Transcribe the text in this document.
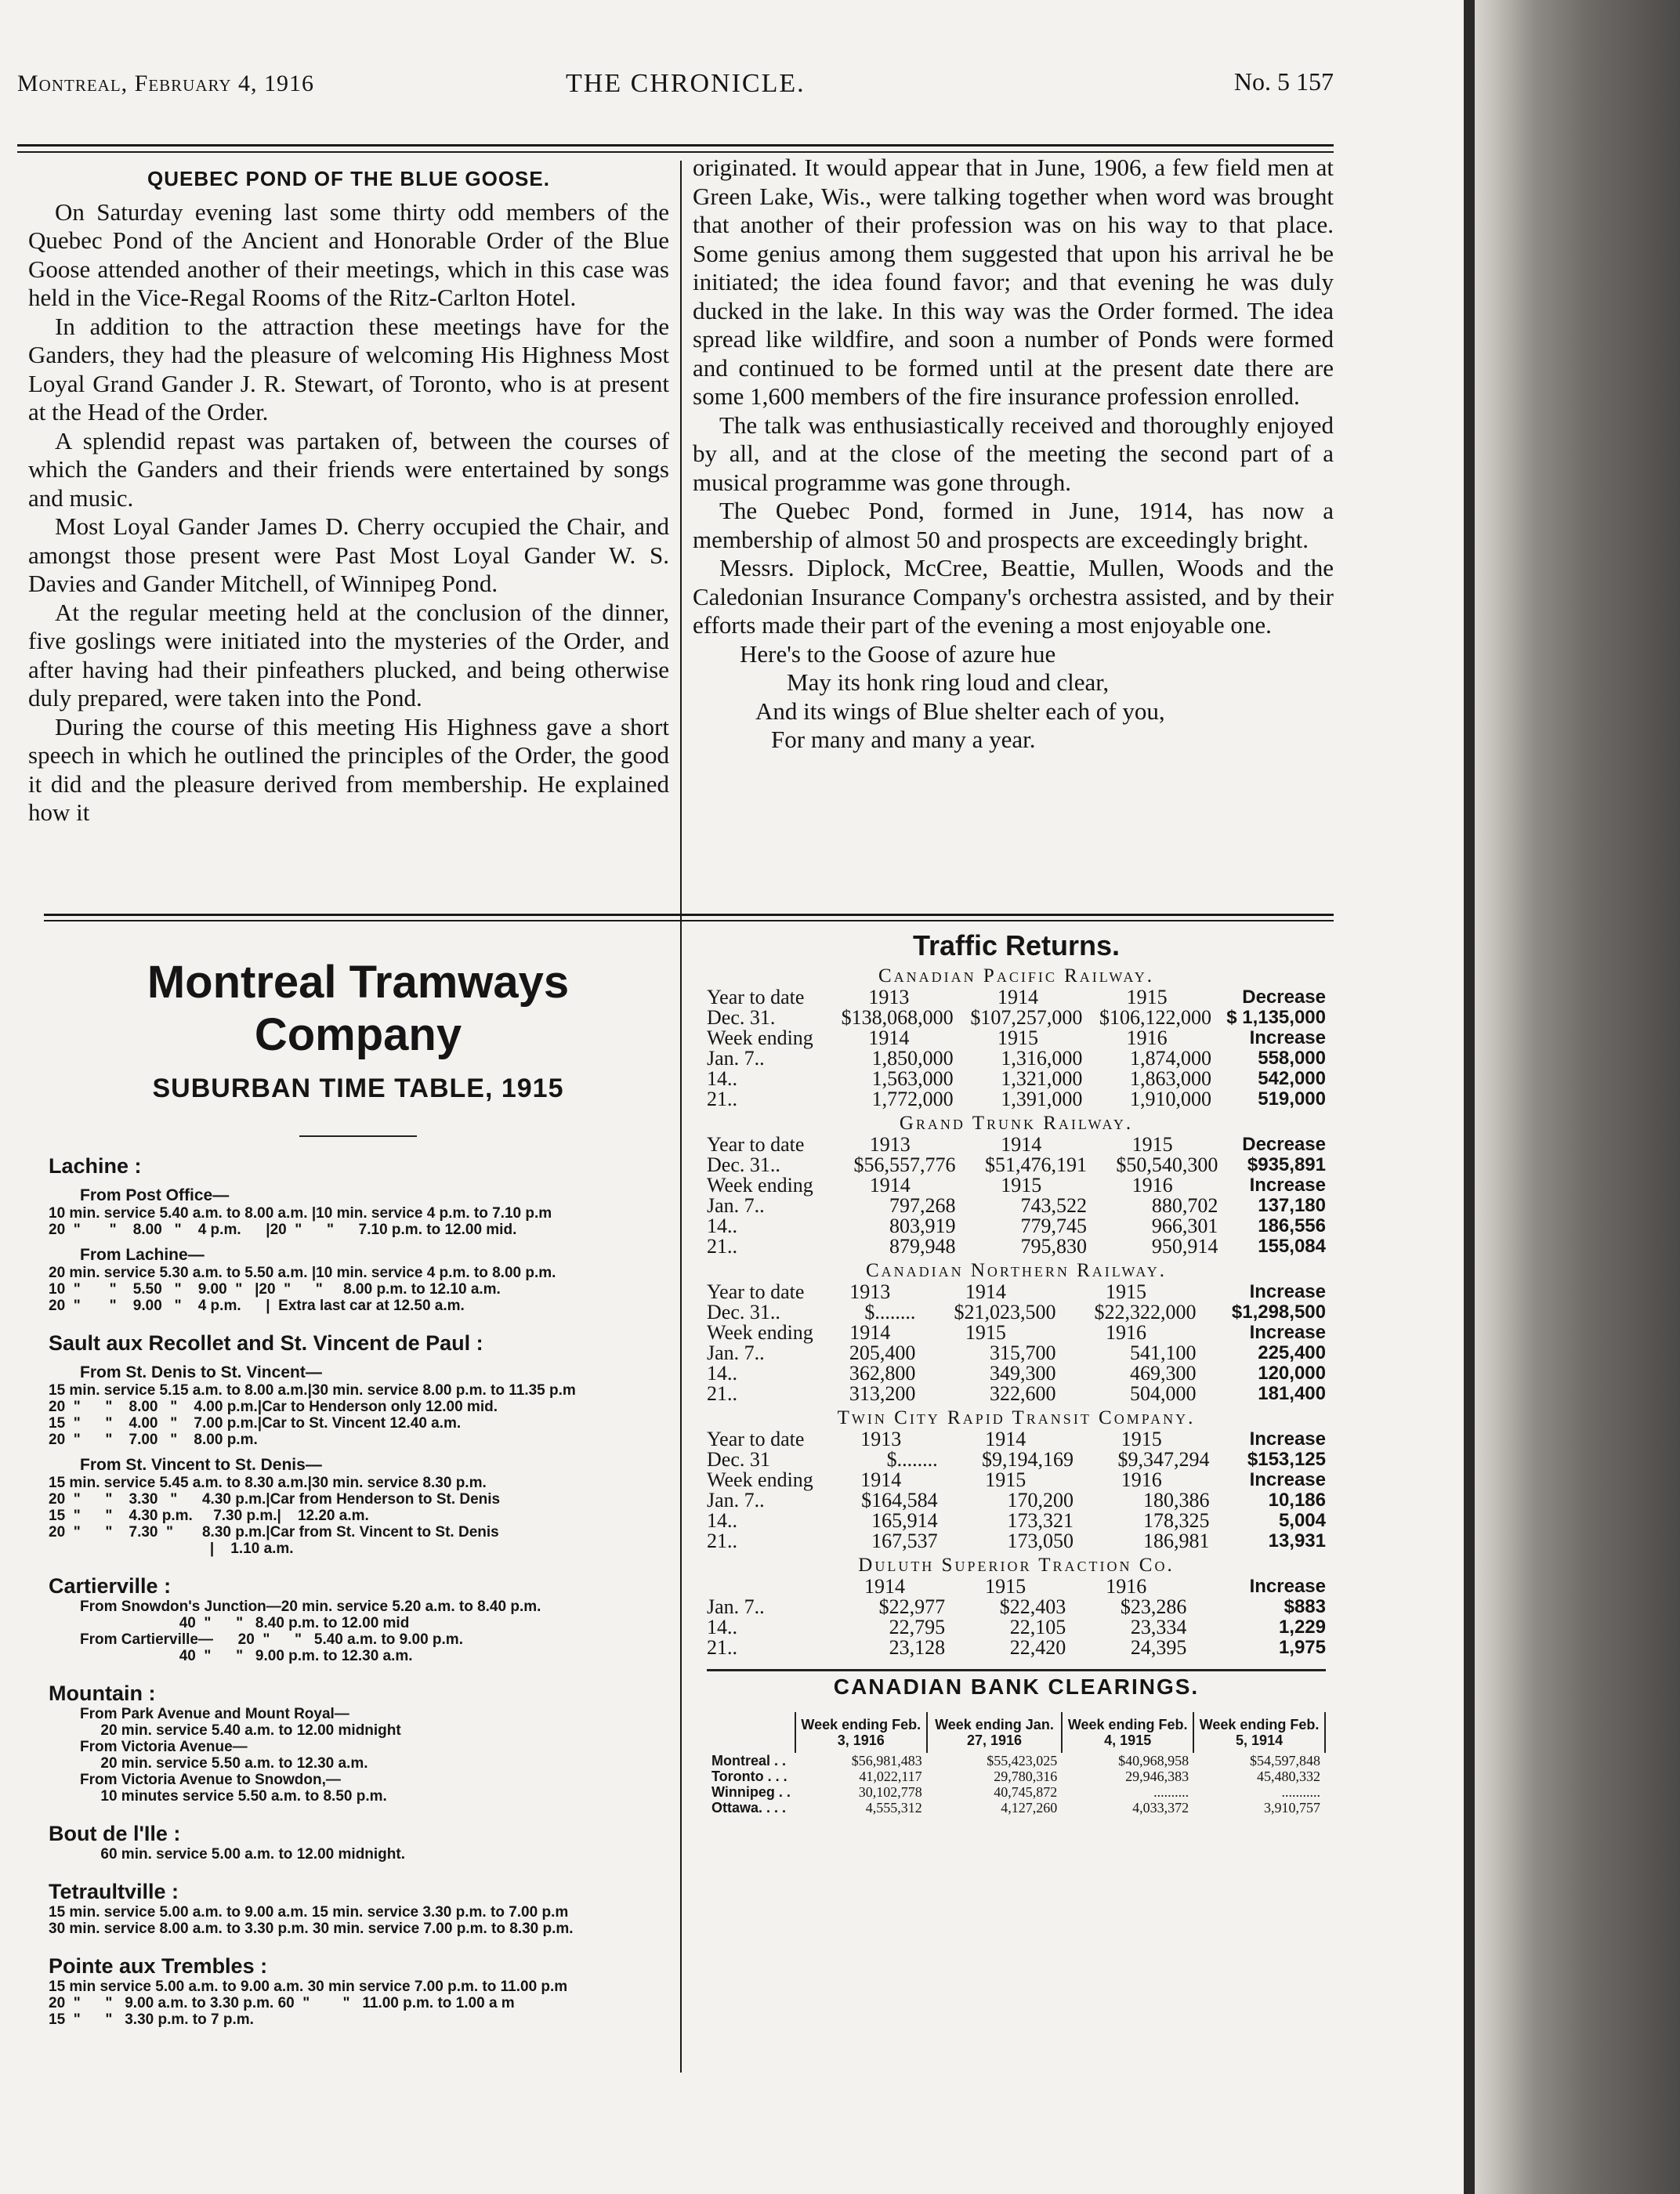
Montreal, February 4, 1916	THE CHRONICLE.	No. 5 157
QUEBEC POND OF THE BLUE GOOSE.

On Saturday evening last some thirty odd members of the Quebec Pond of the Ancient and Honorable Order of the Blue Goose attended another of their meetings, which in this case was held in the Vice-Regal Rooms of the Ritz-Carlton Hotel.

In addition to the attraction these meetings have for the Ganders, they had the pleasure of welcoming His Highness Most Loyal Grand Gander J. R. Stewart, of Toronto, who is at present at the Head of the Order.

A splendid repast was partaken of, between the courses of which the Ganders and their friends were entertained by songs and music.

Most Loyal Gander James D. Cherry occupied the Chair, and amongst those present were Past Most Loyal Gander W. S. Davies and Gander Mitchell, of Winnipeg Pond.

At the regular meeting held at the conclusion of the dinner, five goslings were initiated into the mysteries of the Order, and after having had their pinfeathers plucked, and being otherwise duly prepared, were taken into the Pond.

During the course of this meeting His Highness gave a short speech in which he outlined the principles of the Order, the good it did and the pleasure derived from membership. He explained how it

originated. It would appear that in June, 1906, a few field men at Green Lake, Wis., were talking together when word was brought that another of their profession was on his way to that place. Some genius among them suggested that upon his arrival he be initiated; the idea found favor; and that evening he was duly ducked in the lake. In this way was the Order formed. The idea spread like wildfire, and soon a number of Ponds were formed and continued to be formed until at the present date there are some 1,600 members of the fire insurance profession enrolled.

The talk was enthusiastically received and thoroughly enjoyed by all, and at the close of the meeting the second part of a musical programme was gone through.

The Quebec Pond, formed in June, 1914, has now a membership of almost 50 and prospects are exceedingly bright.

Messrs. Diplock, McCree, Beattie, Mullen, Woods and the Caledonian Insurance Company's orchestra assisted, and by their efforts made their part of the evening a most enjoyable one.

Here's to the Goose of azure hue

May its honk ring loud and clear,

And its wings of Blue shelter each of you,

For many and many a year.

Montreal Tramways Company
SUBURBAN TIME TABLE, 1915
Lachine :
From Post Office—
10 min. service 5.40 a.m. to 8.00 a.m. |10 min. service 4 p.m. to 7.10 p.m
20  "       "    8.00   "    4 p.m.      |20  "      "      7.10 p.m. to 12.00 mid.
From Lachine—
20 min. service 5.30 a.m. to 5.50 a.m. |10 min. service 4 p.m. to 8.00 p.m.
10  "       "    5.50   "    9.00  "   |20  "      "     8.00 p.m. to 12.10 a.m.
20  "       "    9.00   "    4 p.m.      |  Extra last car at 12.50 a.m.
Sault aux Recollet and St. Vincent de Paul :
From St. Denis to St. Vincent—
15 min. service 5.15 a.m. to 8.00 a.m.|30 min. service 8.00 p.m. to 11.35 p.m
20  "      "    8.00   "    4.00 p.m.|Car to Henderson only 12.00 mid.
15  "      "    4.00   "    7.00 p.m.|Car to St. Vincent 12.40 a.m.
20  "      "    7.00   "    8.00 p.m.
From St. Vincent to St. Denis—
15 min. service 5.45 a.m. to 8.30 a.m.|30 min. service 8.30 p.m.
20  "      "    3.30   "      4.30 p.m.|Car from Henderson to St. Denis
15  "      "    4.30 p.m.     7.30 p.m.|    12.20 a.m.
20  "      "    7.30  "       8.30 p.m.|Car from St. Vincent to St. Denis
|    1.10 a.m.
Cartierville :
From Snowdon's Junction—20 min. service 5.20 a.m. to 8.40 p.m.
40  "      "   8.40 p.m. to 12.00 mid
From Cartierville—      20  "      "   5.40 a.m. to 9.00 p.m.
40  "      "   9.00 p.m. to 12.30 a.m.
Mountain :
From Park Avenue and Mount Royal—
20 min. service 5.40 a.m. to 12.00 midnight
From Victoria Avenue—
20 min. service 5.50 a.m. to 12.30 a.m.
From Victoria Avenue to Snowdon,—
10 minutes service 5.50 a.m. to 8.50 p.m.
Bout de l'Ile :
60 min. service 5.00 a.m. to 12.00 midnight.
Tetraultville :
15 min. service 5.00 a.m. to 9.00 a.m. 15 min. service 3.30 p.m. to 7.00 p.m
30 min. service 8.00 a.m. to 3.30 p.m. 30 min. service 7.00 p.m. to 8.30 p.m.
Pointe aux Trembles :
15 min service 5.00 a.m. to 9.00 a.m. 30 min service 7.00 p.m. to 11.00 p.m
20  "      "   9.00 a.m. to 3.30 p.m. 60  "        "   11.00 p.m. to 1.00 a m
15  "      "   3.30 p.m. to 7 p.m.
Traffic Returns.
Canadian Pacific Railway.
Year to date	1913	1914	1915	Decrease
Dec. 31.	$138,068,000	$107,257,000	$106,122,000	$ 1,135,000
Week ending	1914	1915	1916	Increase
Jan. 7..	1,850,000	1,316,000	1,874,000	558,000
14..	1,563,000	1,321,000	1,863,000	542,000
21..	1,772,000	1,391,000	1,910,000	519,000
Grand Trunk Railway.
Year to date	1913	1914	1915	Decrease
Dec. 31..	$56,557,776	$51,476,191	$50,540,300	$935,891
Week ending	1914	1915	1916	Increase
Jan. 7..	797,268	743,522	880,702	137,180
14..	803,919	779,745	966,301	186,556
21..	879,948	795,830	950,914	155,084
Canadian Northern Railway.
Year to date	1913	1914	1915	Increase
Dec. 31..	$........	$21,023,500	$22,322,000	$1,298,500
Week ending	1914	1915	1916	Increase
Jan. 7..	205,400	315,700	541,100	225,400
14..	362,800	349,300	469,300	120,000
21..	313,200	322,600	504,000	181,400
Twin City Rapid Transit Company.
Year to date	1913	1914	1915	Increase
Dec. 31	$........	$9,194,169	$9,347,294	$153,125
Week ending	1914	1915	1916	Increase
Jan. 7..	$164,584	170,200	180,386	10,186
14..	165,914	173,321	178,325	5,004
21..	167,537	173,050	186,981	13,931
Duluth Superior Traction Co.
	1914	1915	1916	Increase
Jan. 7..	$22,977	$22,403	$23,286	$883
14..	22,795	22,105	23,334	1,229
21..	23,128	22,420	24,395	1,975
CANADIAN BANK CLEARINGS.
	Week ending Feb. 3, 1916	Week ending Jan. 27, 1916	Week ending Feb. 4, 1915	Week ending Feb. 5, 1914
Montreal . .	$56,981,483	$55,423,025	$40,968,958	$54,597,848
Toronto . . .	41,022,117	29,780,316	29,946,383	45,480,332
Winnipeg . .	30,102,778	40,745,872	..........	...........
Ottawa. . . .	4,555,312	4,127,260	4,033,372	3,910,757
